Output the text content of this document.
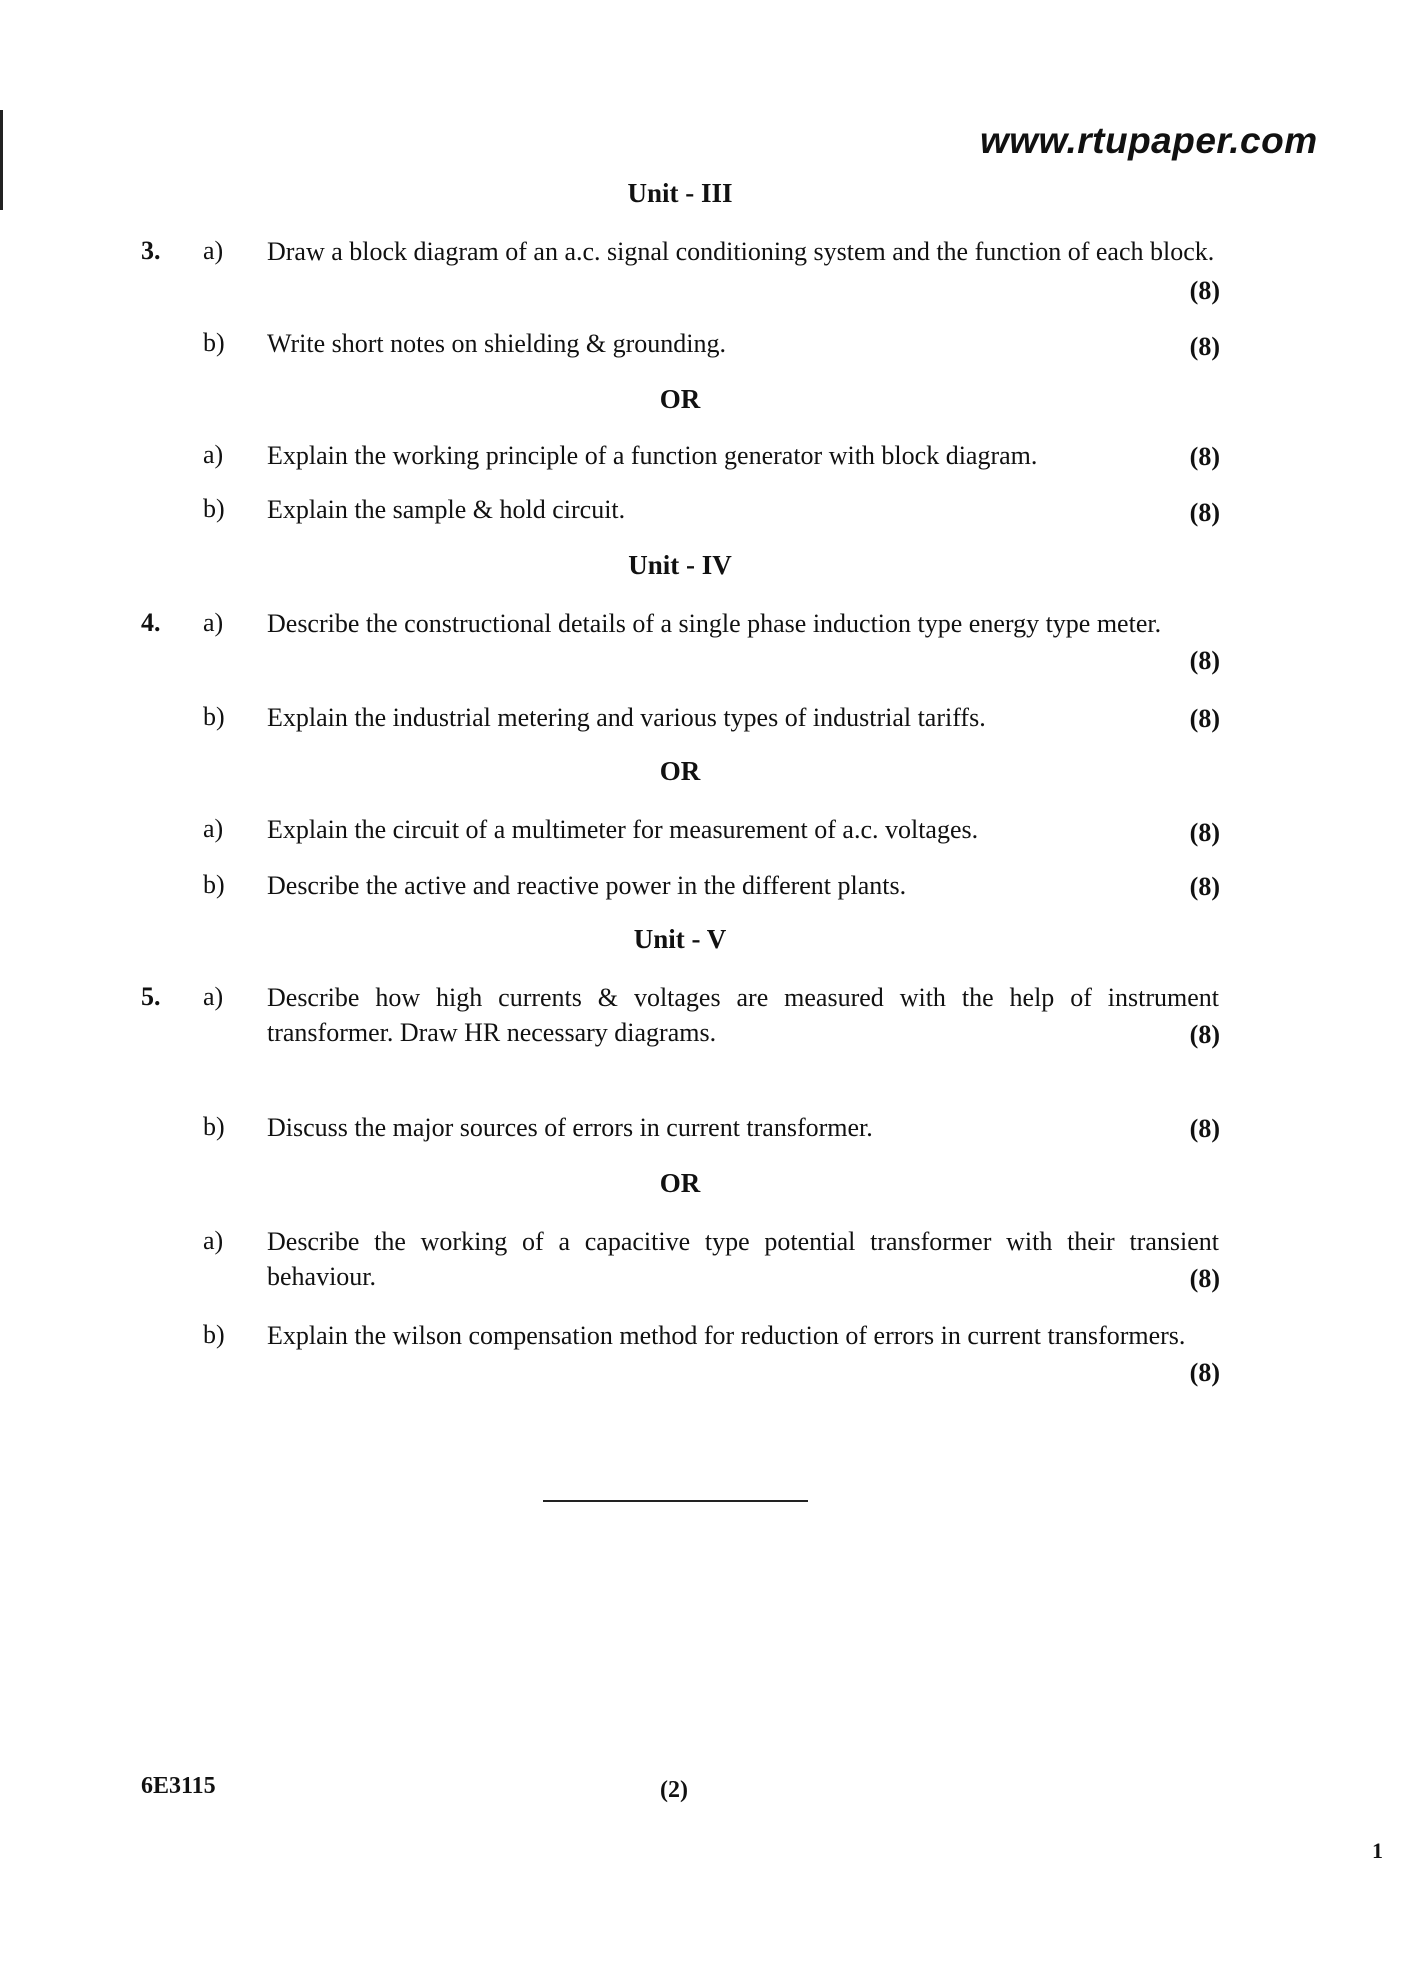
www.rtupaper.com
Unit - III
3. a) Draw a block diagram of an a.c. signal conditioning system and the function of each block.
(8)
b) Write short notes on shielding & grounding.	(8)
OR
a) Explain the working principle of a function generator with block diagram.	(8)
b) Explain the sample & hold circuit.	(8)
Unit - IV
4. a) Describe the constructional details of a single phase induction type energy type meter.
(8)
b) Explain the industrial metering and various types of industrial tariffs.	(8)
OR
a) Explain the circuit of a multimeter for measurement of a.c. voltages.	(8)
b) Describe the active and reactive power in the different plants.	(8)
Unit - V
5. a) Describe how high currents & voltages are measured with the help of instrument transformer. Draw HR necessary diagrams.	(8)
b) Discuss the major sources of errors in current transformer.	(8)
OR
a) Describe the working of a capacitive type potential transformer with their transient behaviour.	(8)
b) Explain the wilson compensation method for reduction of errors in current transformers.
(8)
6E3115	(2)
1
